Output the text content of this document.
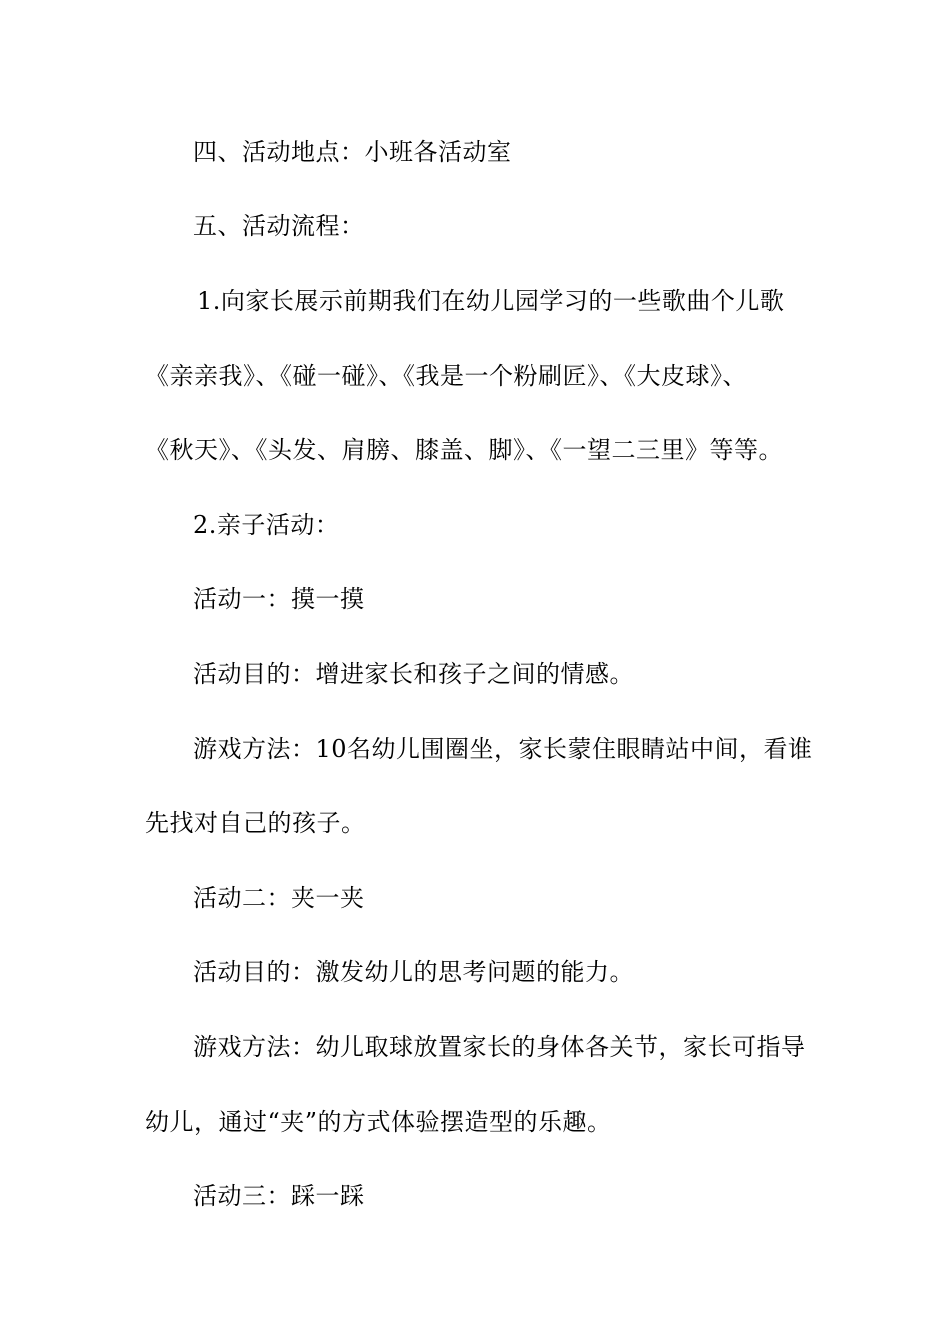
四、活动地点：小班各活动室
五、活动流程：
1.向家长展示前期我们在幼儿园学习的一些歌曲个儿歌
《亲亲我》、《碰一碰》、《我是一个粉刷匠》、《大皮球》、
《秋天》、《头发、肩膀、膝盖、脚》、《一望二三里》等等。
2.亲子活动：
活动一：摸一摸
活动目的：增进家长和孩子之间的情感。
游戏方法：10名幼儿围圈坐，家长蒙住眼睛站中间，看谁
先找对自己的孩子。
活动二：夹一夹
活动目的：激发幼儿的思考问题的能力。
游戏方法：幼儿取球放置家长的身体各关节，家长可指导
幼儿，通过“夹”的方式体验摆造型的乐趣。
活动三：踩一踩
